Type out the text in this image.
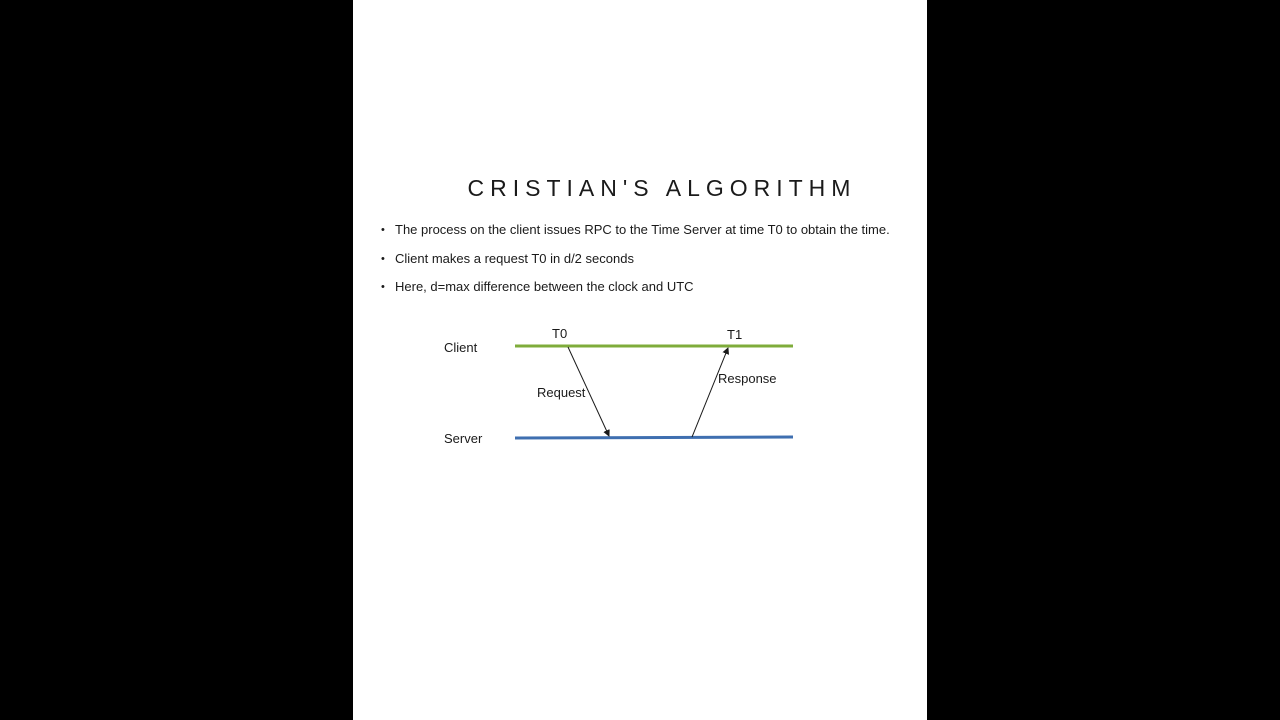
CRISTIAN'S ALGORITHM
• The process on the client issues RPC to the Time Server at time T0 to obtain the time.
• Client makes a request T0 in d/2 seconds
• Here, d=max difference between the clock and UTC
Client
Server
T0	T1
Request
Response
